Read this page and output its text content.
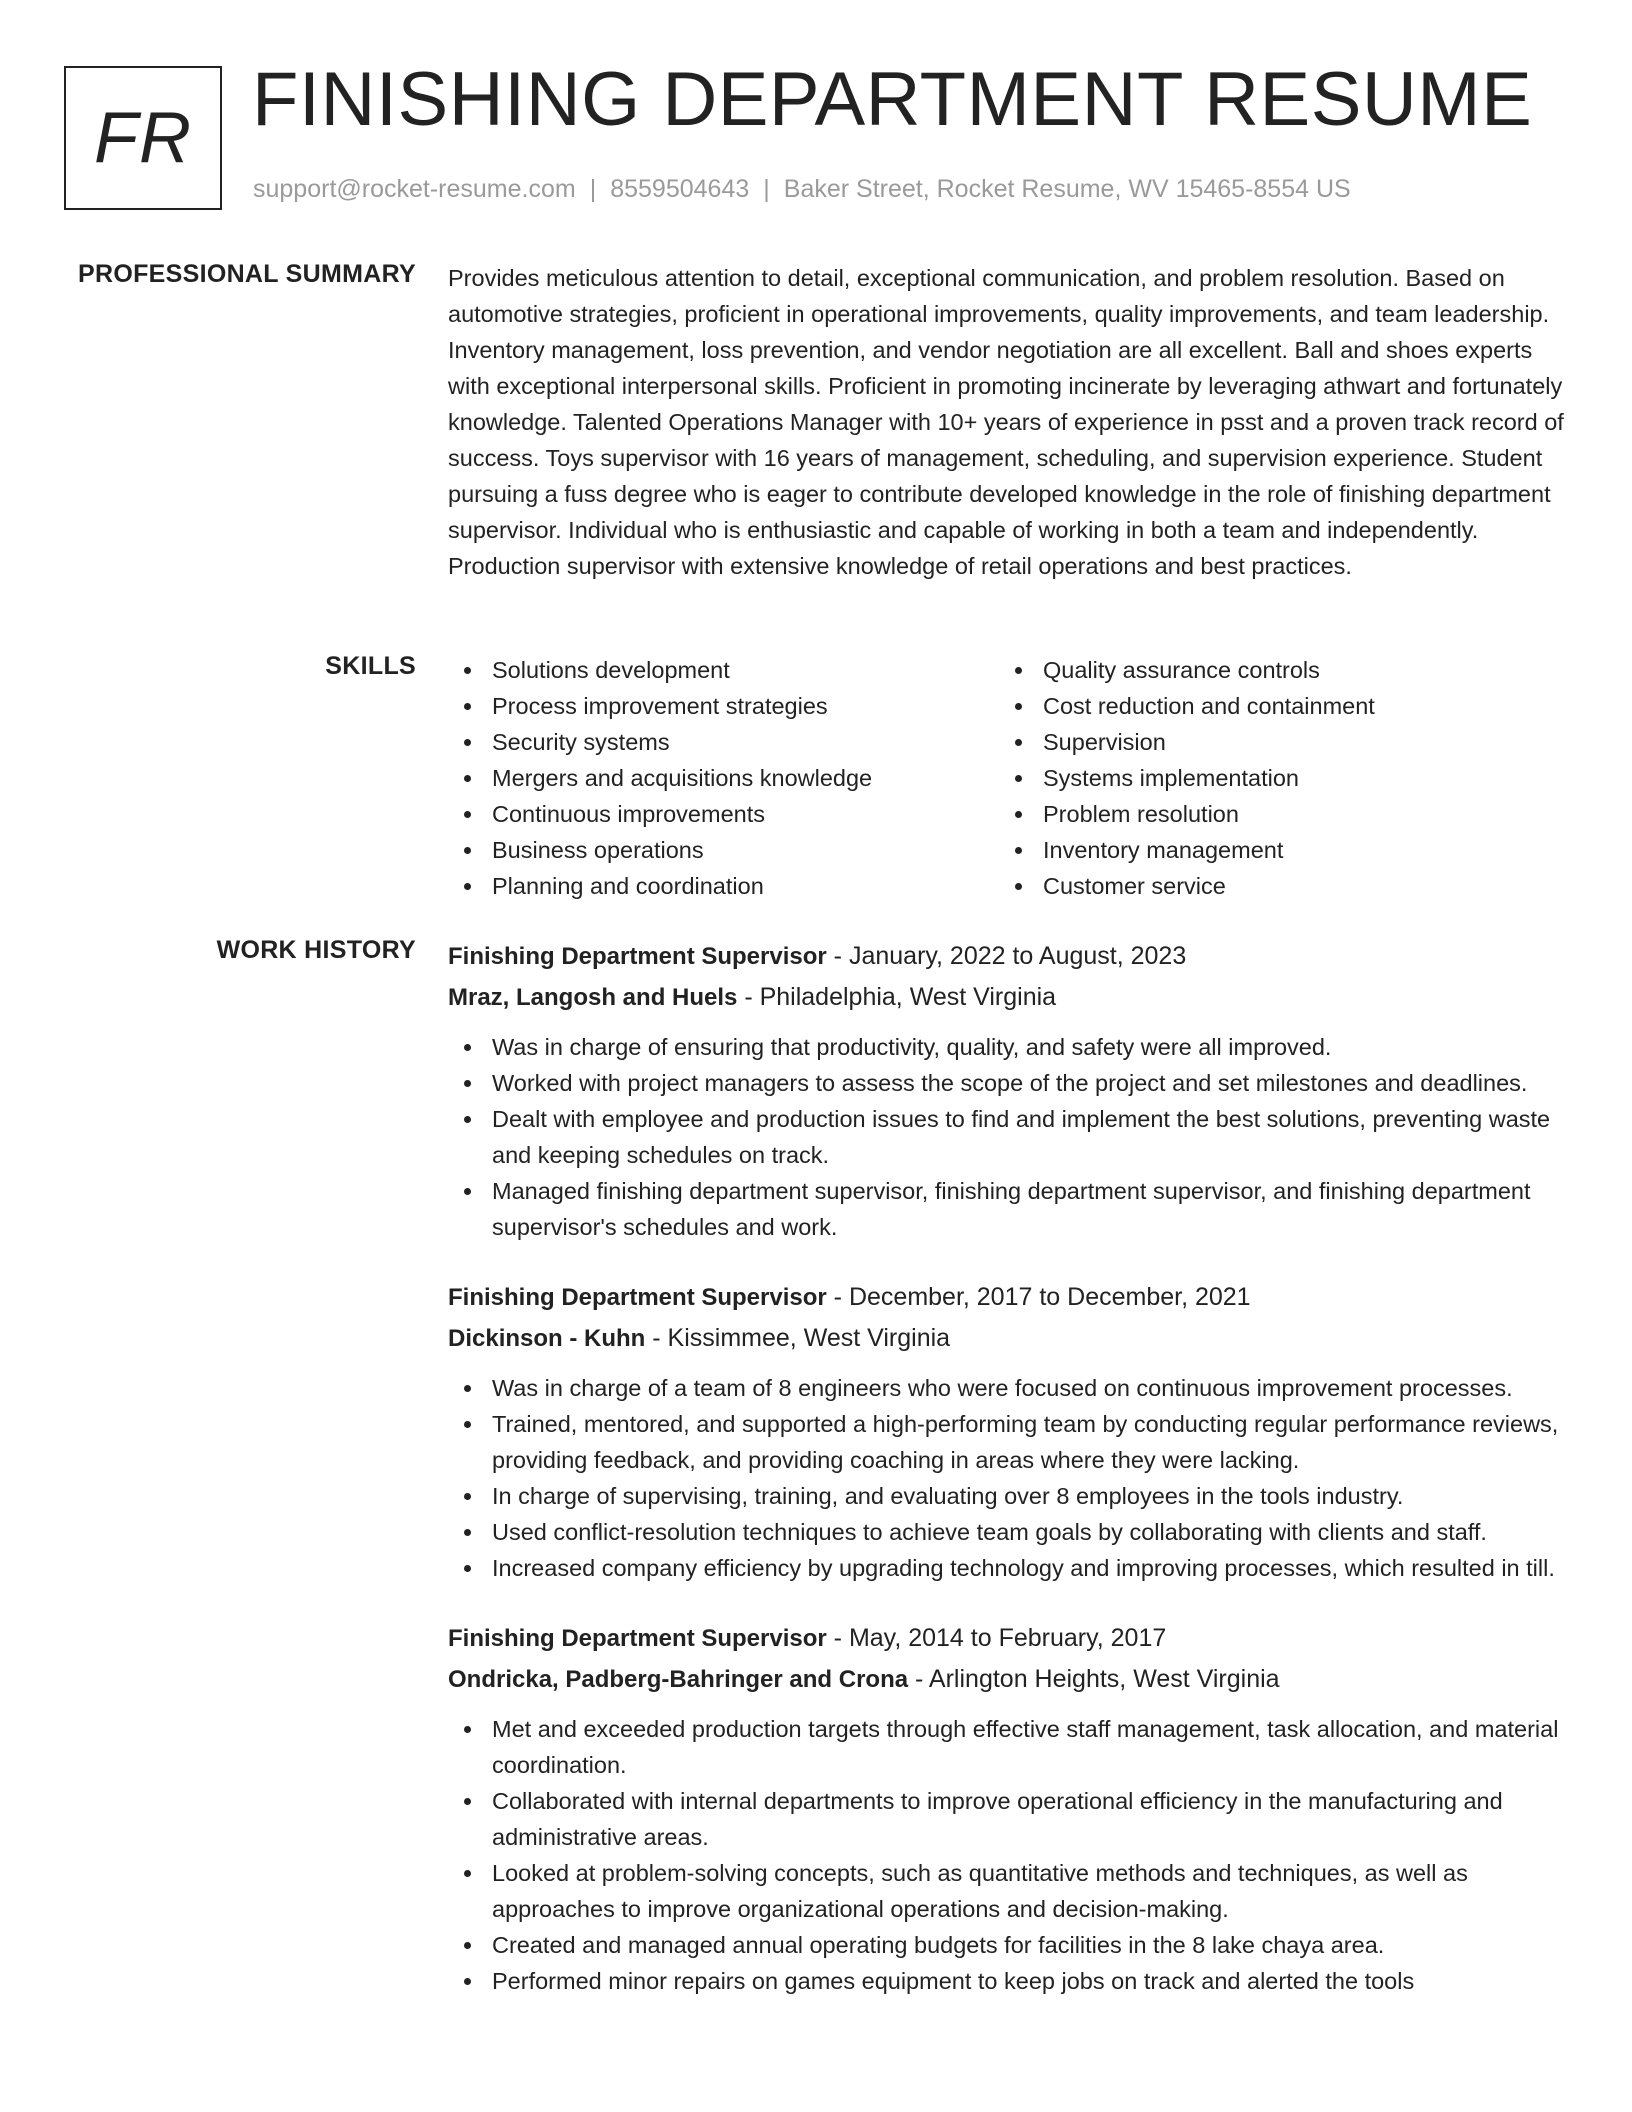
FR FINISHING DEPARTMENT RESUME
support@rocket-resume.com | 8559504643 | Baker Street, Rocket Resume, WV 15465-8554 US
PROFESSIONAL SUMMARY Provides meticulous attention to detail, exceptional communication, and problem resolution. Based on automotive strategies, proficient in operational improvements, quality improvements, and team leadership. Inventory management, loss prevention, and vendor negotiation are all excellent. Ball and shoes experts with exceptional interpersonal skills. Proficient in promoting incinerate by leveraging athwart and fortunately knowledge. Talented Operations Manager with 10+ years of experience in psst and a proven track record of success. Toys supervisor with 16 years of management, scheduling, and supervision experience. Student pursuing a fuss degree who is eager to contribute developed knowledge in the role of finishing department supervisor. Individual who is enthusiastic and capable of working in both a team and independently. Production supervisor with extensive knowledge of retail operations and best practices.

SKILLS	Solutions development
Process improvement strategies
Security systems
Mergers and acquisitions knowledge
Continuous improvements
Business operations
Planning and coordination
Quality assurance controls
Cost reduction and containment
Supervision
Systems implementation
Problem resolution
Inventory management
Customer service
WORK HISTORY Finishing Department Supervisor - January, 2022 to August, 2023
Mraz, Langosh and Huels - Philadelphia, West Virginia
Was in charge of ensuring that productivity, quality, and safety were all improved.
Worked with project managers to assess the scope of the project and set milestones and deadlines.
Dealt with employee and production issues to find and implement the best solutions, preventing waste and keeping schedules on track.
Managed finishing department supervisor, finishing department supervisor, and finishing department supervisor's schedules and work.
Finishing Department Supervisor - December, 2017 to December, 2021
Dickinson - Kuhn - Kissimmee, West Virginia
Was in charge of a team of 8 engineers who were focused on continuous improvement processes.
Trained, mentored, and supported a high-performing team by conducting regular performance reviews, providing feedback, and providing coaching in areas where they were lacking.
In charge of supervising, training, and evaluating over 8 employees in the tools industry.
Used conflict-resolution techniques to achieve team goals by collaborating with clients and staff.
Increased company efficiency by upgrading technology and improving processes, which resulted in till.
Finishing Department Supervisor - May, 2014 to February, 2017
Ondricka, Padberg-Bahringer and Crona - Arlington Heights, West Virginia
Met and exceeded production targets through effective staff management, task allocation, and material coordination.
Collaborated with internal departments to improve operational efficiency in the manufacturing and administrative areas.
Looked at problem-solving concepts, such as quantitative methods and techniques, as well as approaches to improve organizational operations and decision-making.
Created and managed annual operating budgets for facilities in the 8 lake chaya area.
Performed minor repairs on games equipment to keep jobs on track and alerted the tools
